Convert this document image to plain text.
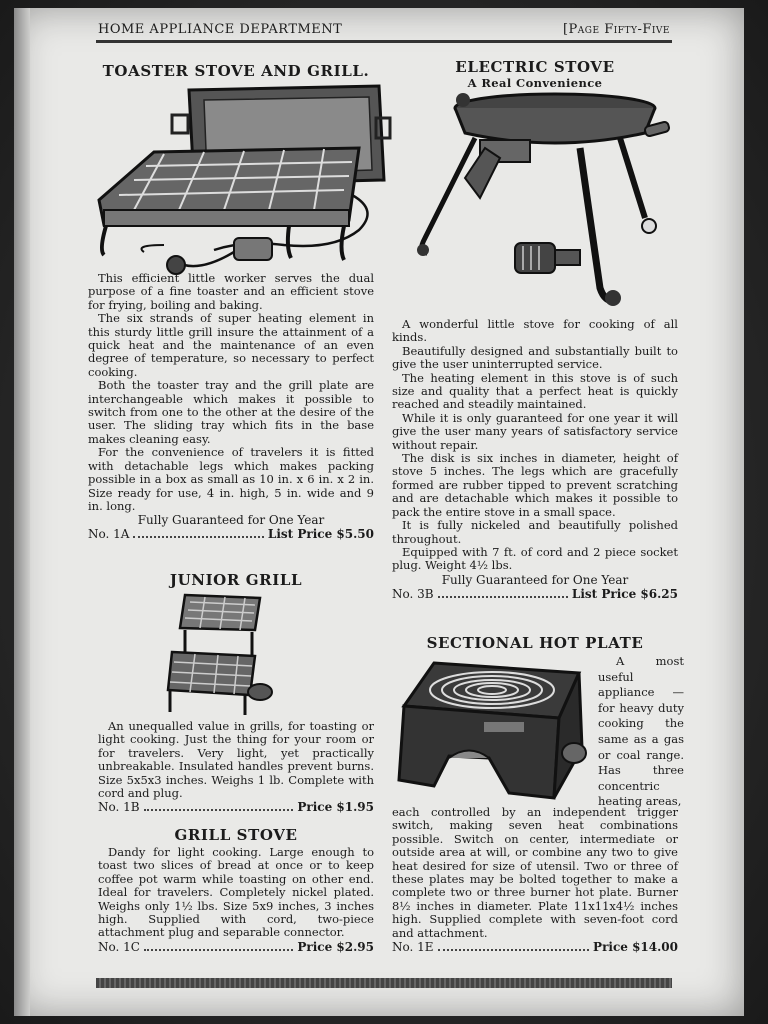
HOME APPLIANCE DEPARTMENT	[Page Fifty-Five
TOASTER STOVE AND GRILL.

This efficient little worker serves the dual purpose of a fine toaster and an efficient stove for frying, boiling and baking.

The six strands of super heating element in this sturdy little grill insure the attainment of a quick heat and the maintenance of an even degree of temperature, so necessary to perfect cooking.

Both the toaster tray and the grill plate are interchangeable which makes it possible to switch from one to the other at the desire of the user. The sliding tray which fits in the base makes cleaning easy.

For the convenience of travelers it is fitted with detachable legs which makes packing possible in a box as small as 10 in. x 6 in. x 2 in. Size ready for use, 4 in. high, 5 in. wide and 9 in. long.

Fully Guaranteed for One Year
No. 1A	List Price $5.50
JUNIOR GRILL

An unequalled value in grills, for toasting or light cooking. Just the thing for your room or for travelers. Very light, yet practically unbreakable. Insulated handles prevent burns. Size 5x5x3 inches. Weighs 1 lb. Complete with cord and plug.

No. 1B	Price $1.95
GRILL STOVE

Dandy for light cooking. Large enough to toast two slices of bread at once or to keep coffee pot warm while toasting on other end. Ideal for travelers. Completely nickel plated. Weighs only 1½ lbs. Size 5x9 inches, 3 inches high. Supplied with cord, two-piece attachment plug and separable connector.

No. 1C	Price $2.95
ELECTRIC STOVE
A Real Convenience

A wonderful little stove for cooking of all kinds.

Beautifully designed and substantially built to give the user uninterrupted service.

The heating element in this stove is of such size and quality that a perfect heat is quickly reached and steadily maintained.

While it is only guaranteed for one year it will give the user many years of satisfactory service without repair.

The disk is six inches in diameter, height of stove 5 inches. The legs which are gracefully formed are rubber tipped to prevent scratching and are detachable which makes it possible to pack the entire stove in a small space.

It is fully nickeled and beautifully polished throughout.

Equipped with 7 ft. of cord and 2 piece socket plug. Weight 4½ lbs.

Fully Guaranteed for One Year
No. 3B	List Price $6.25
SECTIONAL HOT PLATE

A most useful appliance — for heavy duty cooking the same as a gas or coal range. Has three concentric heating areas,

each controlled by an independent trigger switch, making seven heat combinations possible. Switch on center, intermediate or outside area at will, or combine any two to give heat desired for size of utensil. Two or three of these plates may be bolted together to make a complete two or three burner hot plate. Burner 8½ inches in diameter. Plate 11x11x4½ inches high. Supplied complete with seven-foot cord and attachment.

No. 1E	Price $14.00
